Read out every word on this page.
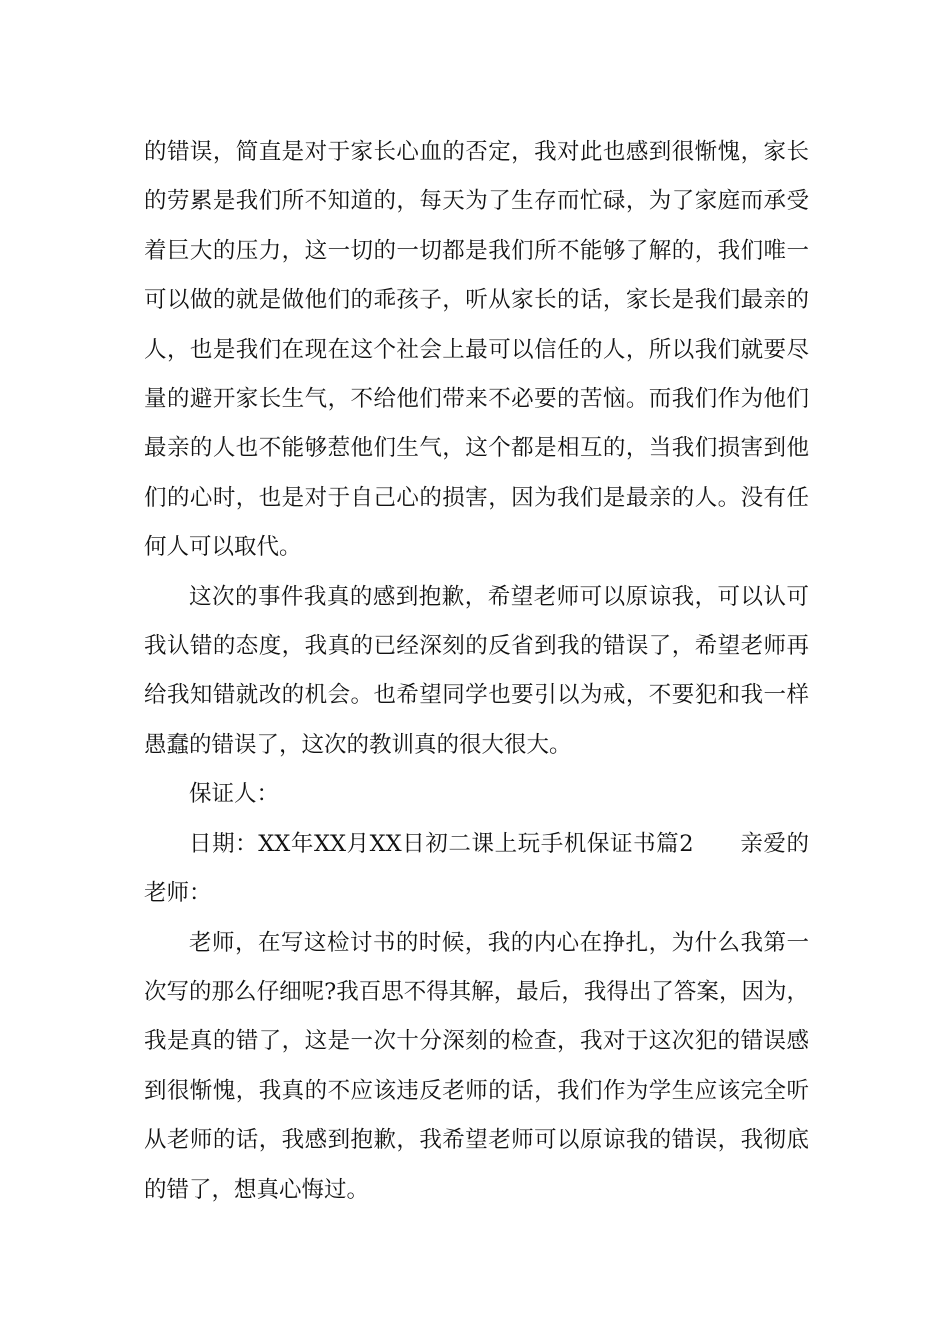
的错误，简直是对于家长心血的否定，我对此也感到很惭愧，家长的劳累是我们所不知道的，每天为了生存而忙碌，为了家庭而承受着巨大的压力，这一切的一切都是我们所不能够了解的，我们唯一可以做的就是做他们的乖孩子，听从家长的话，家长是我们最亲的人，也是我们在现在这个社会上最可以信任的人，所以我们就要尽量的避开家长生气，不给他们带来不必要的苦恼。而我们作为他们最亲的人也不能够惹他们生气，这个都是相互的，当我们损害到他们的心时，也是对于自己心的损害，因为我们是最亲的人。没有任何人可以取代。

这次的事件我真的感到抱歉，希望老师可以原谅我，可以认可我认错的态度，我真的已经深刻的反省到我的错误了，希望老师再给我知错就改的机会。也希望同学也要引以为戒，不要犯和我一样愚蠢的错误了，这次的教训真的很大很大。

保证人：

日期：XX年XX月XX日初二课上玩手机保证书篇2　　亲爱的老师：

老师，在写这检讨书的时候，我的内心在挣扎，为什么我第一次写的那么仔细呢?我百思不得其解，最后，我得出了答案，因为，我是真的错了，这是一次十分深刻的检查，我对于这次犯的错误感到很惭愧，我真的不应该违反老师的话，我们作为学生应该完全听从老师的话，我感到抱歉，我希望老师可以原谅我的错误，我彻底的错了，想真心悔过。
